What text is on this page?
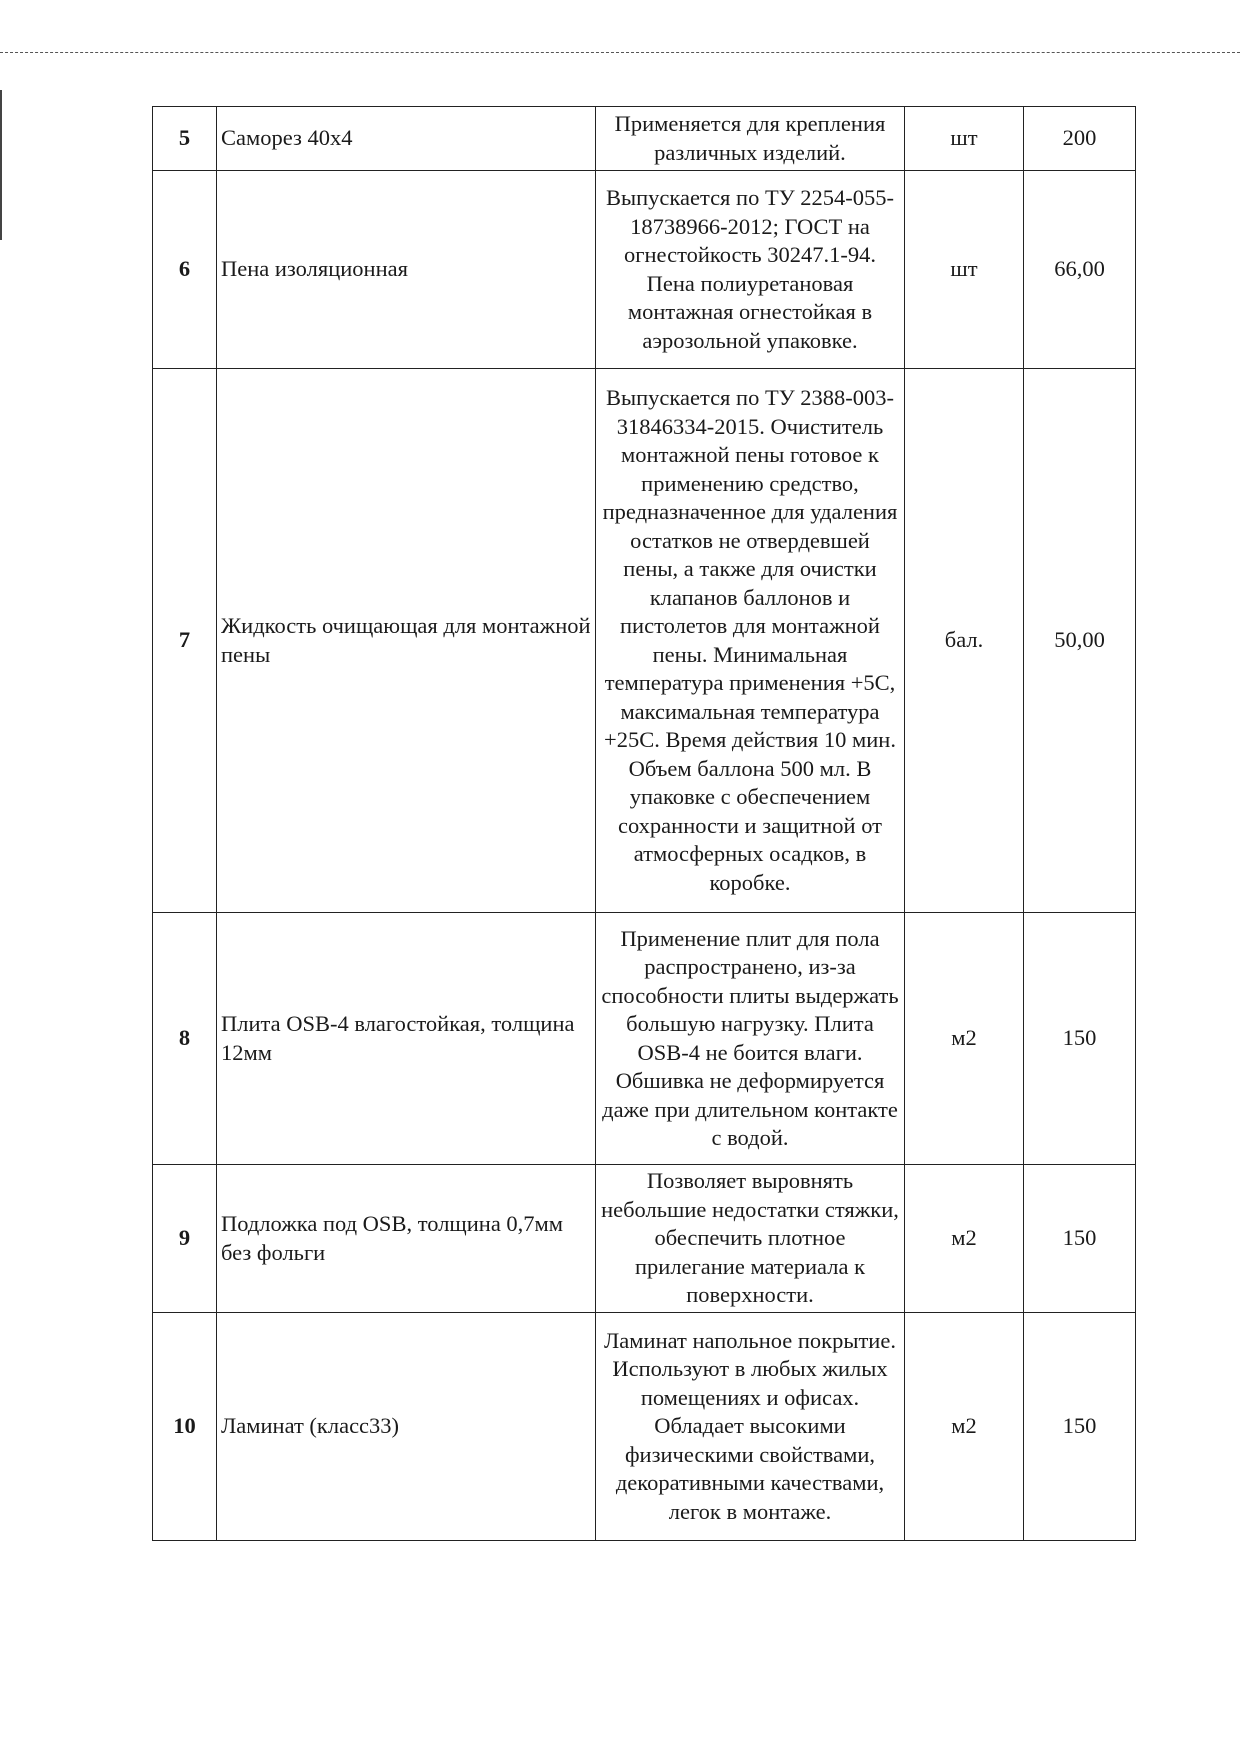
5	Саморез 40х4	Применяется для крепления различных изделий.	шт	200
6	Пена изоляционная	Выпускается по ТУ 2254-055-18738966-2012; ГОСТ на огнестойкость 30247.1-94. Пена полиуретановая монтажная огнестойкая в аэрозольной упаковке.	шт	66,00
7	Жидкость очищающая для монтажной пены	Выпускается по ТУ 2388-003-31846334-2015. Очиститель монтажной пены готовое к применению средство, предназначенное для удаления остатков не отвердевшей пены, а также для очистки клапанов баллонов и пистолетов для монтажной пены. Минимальная температура применения +5С, максимальная температура +25С. Время действия 10 мин. Объем баллона 500 мл. В упаковке с обеспечением сохранности и защитной от атмосферных осадков, в коробке.	бал.	50,00
8	Плита OSB-4 влагостойкая, толщина 12мм	Применение плит для пола распространено, из-за способности плиты выдержать большую нагрузку. Плита OSB-4 не боится влаги. Обшивка не деформируется даже при длительном контакте с водой.	м2	150
9	Подложка под OSB, толщина 0,7мм без фольги	Позволяет выровнять небольшие недостатки стяжки, обеспечить плотное прилегание материала к поверхности.	м2	150
10	Ламинат (класс33)	Ламинат напольное покрытие. Используют в любых жилых помещениях и офисах. Обладает высокими физическими свойствами, декоративными качествами, легок в монтаже.	м2	150
